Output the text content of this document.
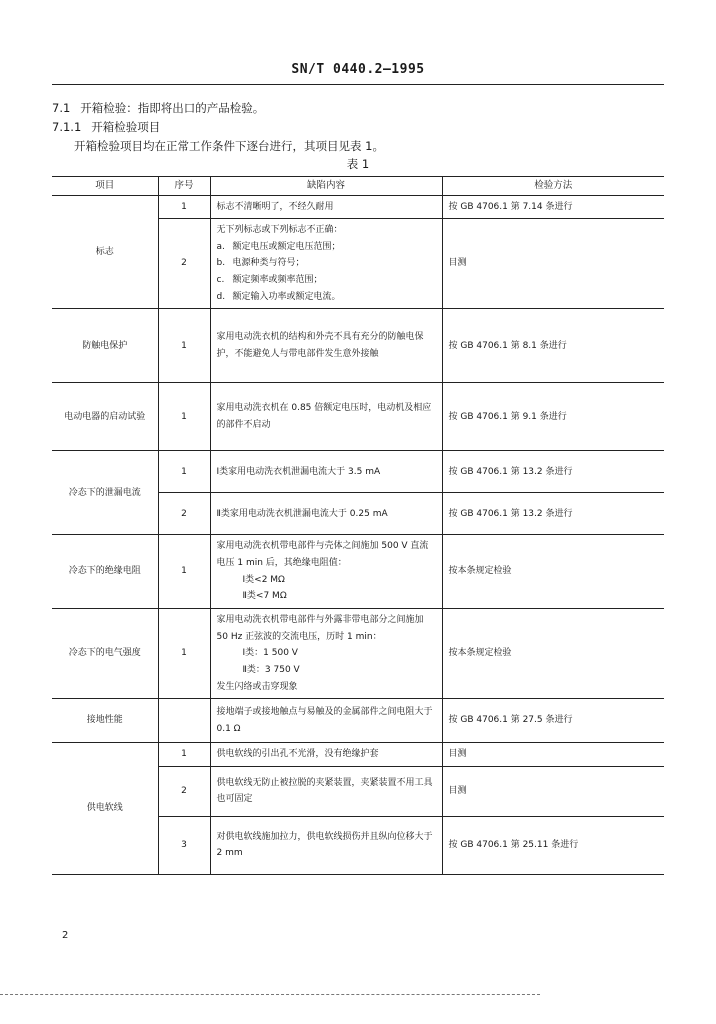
SN/T 0440.2—1995
7.1 开箱检验：指即将出口的产品检验。
7.1.1 开箱检验项目
开箱检验项目均在正常工作条件下逐台进行，其项目见表 1。
表 1
项目	序号	缺陷内容	检验方法
标志	1	标志不清晰明了，不经久耐用	按 GB 4706.1 第 7.14 条进行
	2	无下列标志或下列标志不正确：
a. 额定电压或额定电压范围；
b. 电源种类与符号；
c. 额定频率或频率范围；
d. 额定输入功率或额定电流。	目测
防触电保护	1	家用电动洗衣机的结构和外壳不具有充分的防触电保护，不能避免人与带电部件发生意外接触	按 GB 4706.1 第 8.1 条进行
电动电器的启动试验	1	家用电动洗衣机在 0.85 倍额定电压时，电动机及相应的部件不启动	按 GB 4706.1 第 9.1 条进行
冷态下的泄漏电流	1	Ⅰ类家用电动洗衣机泄漏电流大于 3.5 mA	按 GB 4706.1 第 13.2 条进行
	2	Ⅱ类家用电动洗衣机泄漏电流大于 0.25 mA	按 GB 4706.1 第 13.2 条进行
冷态下的绝缘电阻	1	家用电动洗衣机带电部件与壳体之间施加 500 V 直流电压 1 min 后，其绝缘电阻值：
Ⅰ类<2 MΩ
Ⅱ类<7 MΩ	按本条规定检验
冷态下的电气强度	1	家用电动洗衣机带电部件与外露非带电部分之间施加 50 Hz 正弦波的交流电压，历时 1 min：
Ⅰ类：1 500 V
Ⅱ类：3 750 V
发生闪络或击穿现象	按本条规定检验
接地性能		接地端子或接地触点与易触及的金属部件之间电阻大于 0.1 Ω	按 GB 4706.1 第 27.5 条进行
供电软线	1	供电软线的引出孔不光滑，没有绝缘护套	目测
	2	供电软线无防止被拉脱的夹紧装置，夹紧装置不用工具也可固定	目测
	3	对供电软线施加拉力，供电软线损伤并且纵向位移大于 2 mm	按 GB 4706.1 第 25.11 条进行
2
